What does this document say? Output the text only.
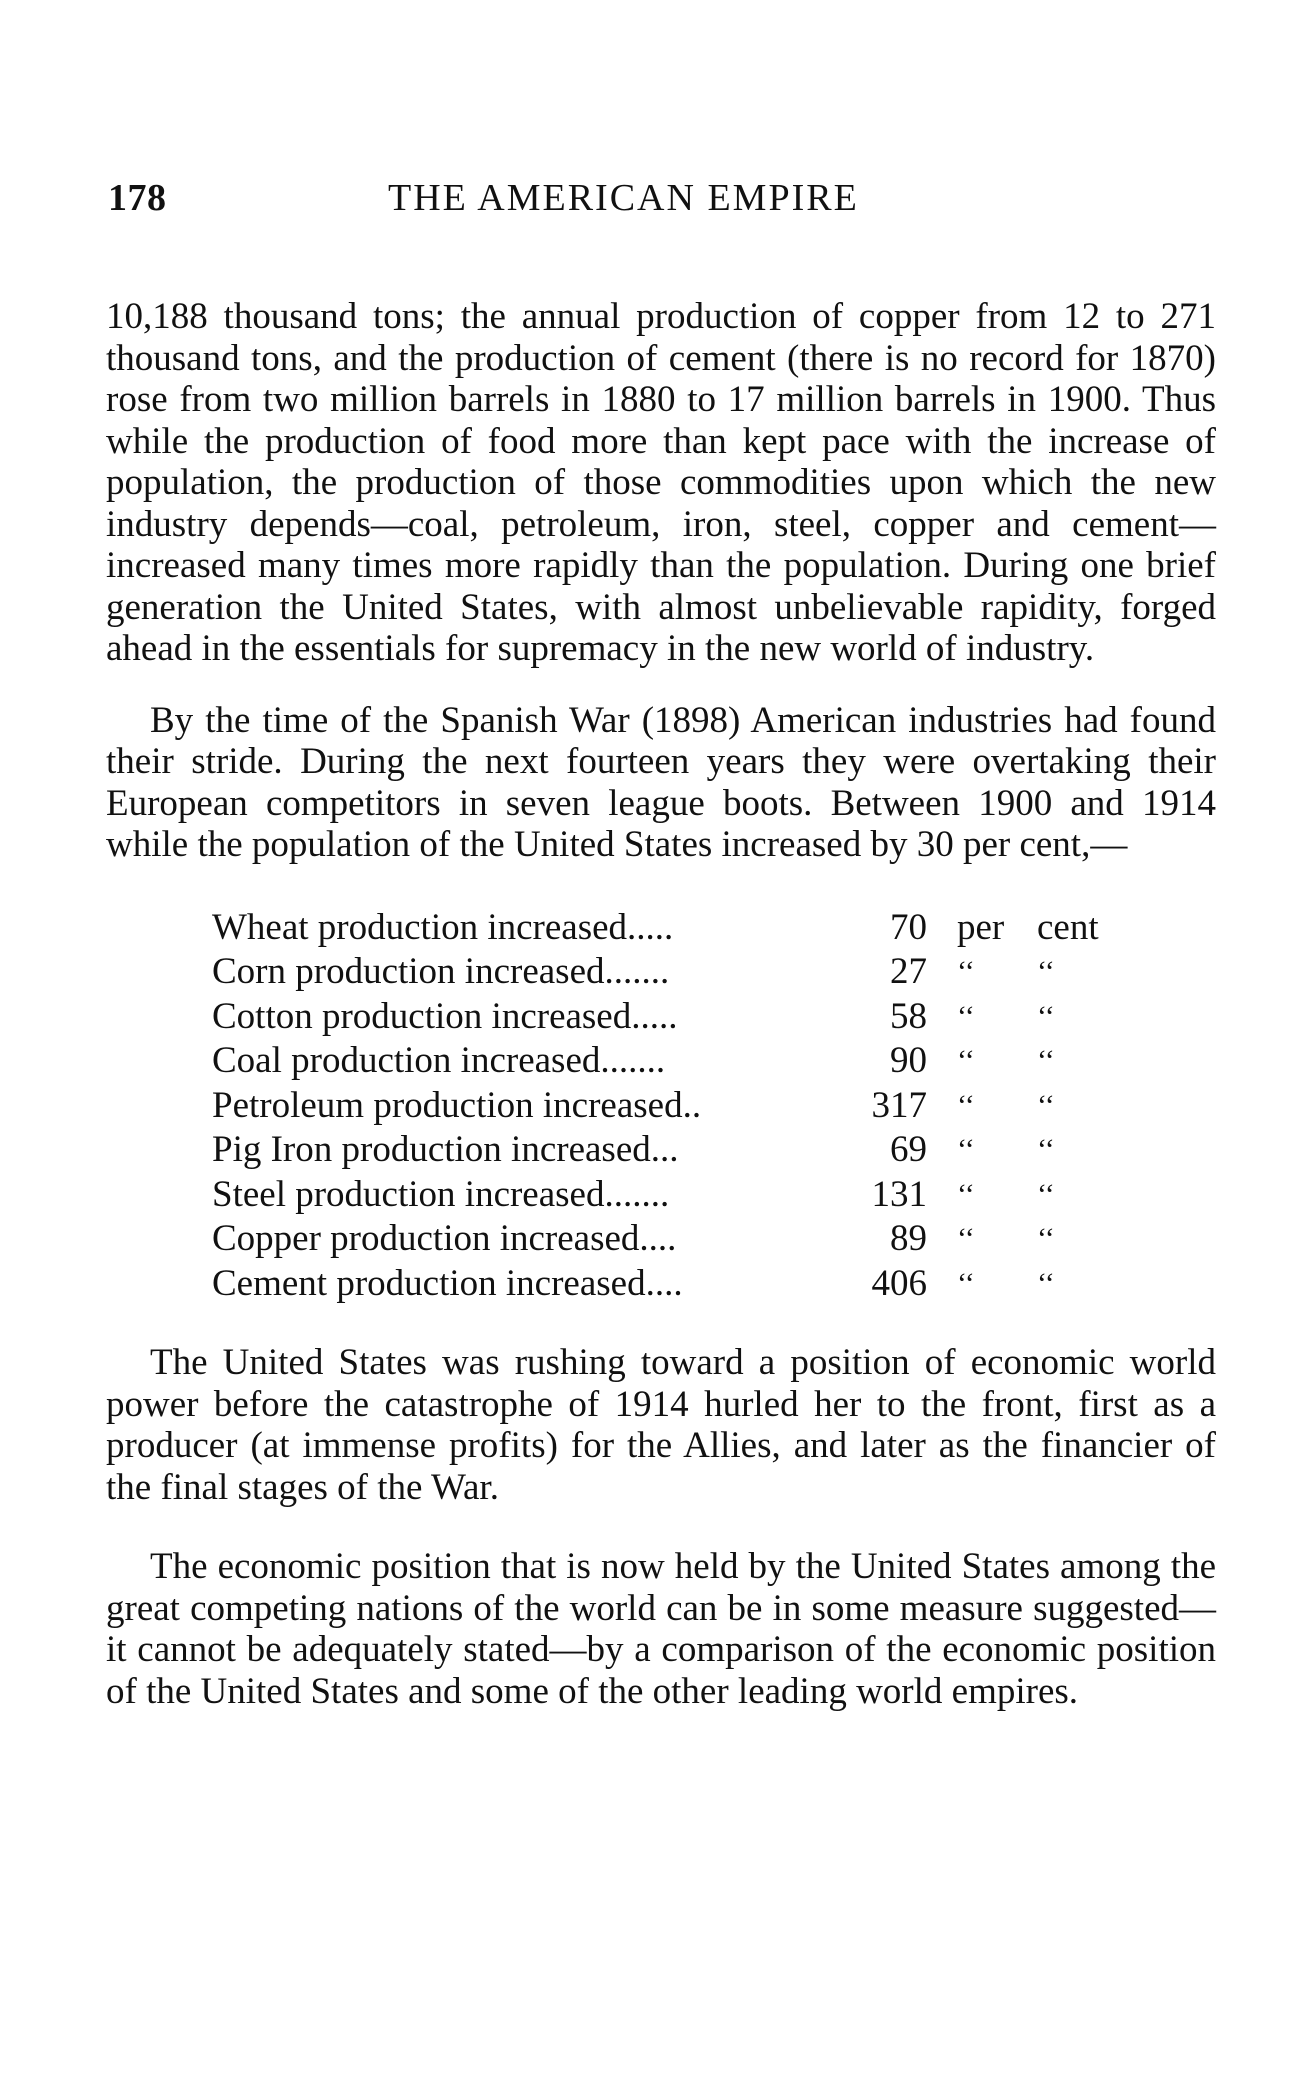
178	THE AMERICAN EMPIRE

10,188 thousand tons; the annual production of copper from 12 to 271 thousand tons, and the production of cement (there is no record for 1870) rose from two million barrels in 1880 to 17 million barrels in 1900. Thus while the production of food more than kept pace with the increase of population, the production of those commodities upon which the new industry depends—coal, petroleum, iron, steel, copper and cement—increased many times more rapidly than the population. During one brief generation the United States, with almost unbelievable rapidity, forged ahead in the essentials for supremacy in the new world of industry.

By the time of the Spanish War (1898) American industries had found their stride. During the next fourteen years they were overtaking their European competitors in seven league boots. Between 1900 and 1914 while the population of the United States increased by 30 per cent,—

Wheat production increased.....	70 per cent
Corn production increased.......	27 ‘‘ ‘‘
Cotton production increased.....	58 ‘‘ ‘‘
Coal production increased.......	90 ‘‘ ‘‘
Petroleum production increased..	317 ‘‘ ‘‘
Pig Iron production increased...	69 ‘‘ ‘‘
Steel production increased.......	131 ‘‘ ‘‘
Copper production increased....	89 ‘‘ ‘‘
Cement production increased....	406 ‘‘ ‘‘

The United States was rushing toward a position of economic world power before the catastrophe of 1914 hurled her to the front, first as a producer (at immense profits) for the Allies, and later as the financier of the final stages of the War.

The economic position that is now held by the United States among the great competing nations of the world can be in some measure suggested—it cannot be adequately stated—by a comparison of the economic position of the United States and some of the other leading world empires.
